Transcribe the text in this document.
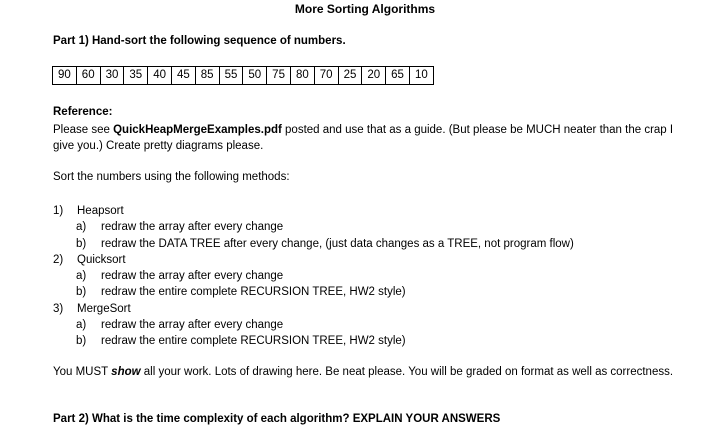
More Sorting Algorithms
Part 1) Hand-sort the following sequence of numbers.
90 60 30 35 40 45 85 55 50 75 80 70 25 20 65 10
Reference:
Please see QuickHeapMergeExamples.pdf posted and use that as a guide. (But please be MUCH neater than the crap I give you.) Create pretty diagrams please.
Sort the numbers using the following methods:
1)	Heapsort
a)	redraw the array after every change
b)	redraw the DATA TREE after every change, (just data changes as a TREE, not program flow)
2)	Quicksort
a)	redraw the array after every change
b)	redraw the entire complete RECURSION TREE, HW2 style)
3)	MergeSort
a)	redraw the array after every change
b)	redraw the entire complete RECURSION TREE, HW2 style)
You MUST show all your work. Lots of drawing here. Be neat please. You will be graded on format as well as correctness.
Part 2) What is the time complexity of each algorithm? EXPLAIN YOUR ANSWERS
